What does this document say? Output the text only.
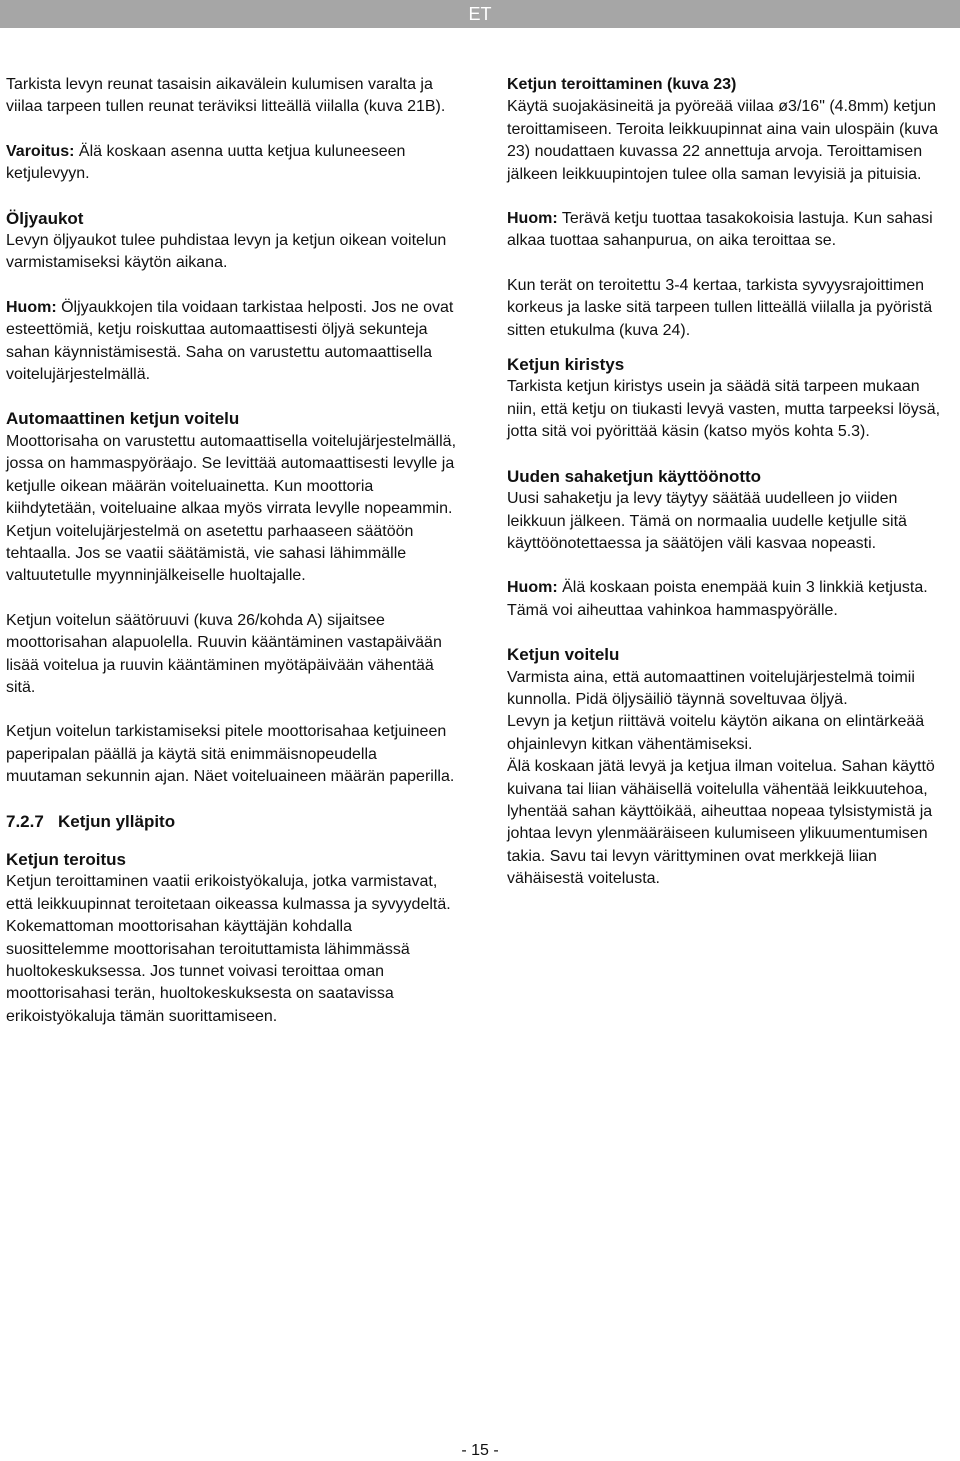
ET

Tarkista levyn reunat tasaisin aikavälein kulumisen varalta ja viilaa tarpeen tullen reunat teräviksi litteällä viilalla (kuva 21B).

Varoitus: Älä koskaan asenna uutta ketjua kuluneeseen ketjulevyyn.

Öljyaukot

Levyn öljyaukot tulee puhdistaa levyn ja ketjun oikean voitelun varmistamiseksi käytön aikana.

Huom: Öljyaukkojen tila voidaan tarkistaa helposti. Jos ne ovat esteettömiä, ketju roiskuttaa automaattisesti öljyä sekunteja sahan käynnistämisestä. Saha on varustettu automaattisella voitelujärjestelmällä.

Automaattinen ketjun voitelu

Moottorisaha on varustettu automaattisella voitelujärjestelmällä, jossa on hammaspyöräajo. Se levittää automaattisesti levylle ja ketjulle oikean määrän voiteluainetta. Kun moottoria kiihdytetään, voiteluaine alkaa myös virrata levylle nopeammin. Ketjun voitelujärjestelmä on asetettu parhaaseen säätöön tehtaalla. Jos se vaatii säätämistä, vie sahasi lähimmälle valtuutetulle myynninjälkeiselle huoltajalle.

Ketjun voitelun säätöruuvi (kuva 26/kohda A) sijaitsee moottorisahan alapuolella. Ruuvin kääntäminen vastapäivään lisää voitelua ja ruuvin kääntäminen myötäpäivään vähentää sitä.

Ketjun voitelun tarkistamiseksi pitele moottorisahaa ketjuineen paperipalan päällä ja käytä sitä enimmäisnopeudella muutaman sekunnin ajan. Näet voiteluaineen määrän paperilla.

7.2.7 Ketjun ylläpito
Ketjun teroitus

Ketjun teroittaminen vaatii erikoistyökaluja, jotka varmistavat, että leikkuupinnat teroitetaan oikeassa kulmassa ja syvyydeltä. Kokemattoman moottorisahan käyttäjän kohdalla suosittelemme moottorisahan teroituttamista lähimmässä huoltokeskuksessa. Jos tunnet voivasi teroittaa oman moottorisahasi terän, huoltokeskuksesta on saatavissa erikoistyökaluja tämän suorittamiseen.

Ketjun teroittaminen (kuva 23)

Käytä suojakäsineitä ja pyöreää viilaa ø3/16" (4.8mm) ketjun teroittamiseen. Teroita leikkuupinnat aina vain ulospäin (kuva 23) noudattaen kuvassa 22 annettuja arvoja. Teroittamisen jälkeen leikkuupintojen tulee olla saman levyisiä ja pituisia.

Huom: Terävä ketju tuottaa tasakokoisia lastuja. Kun sahasi alkaa tuottaa sahanpurua, on aika teroittaa se.

Kun terät on teroitettu 3-4 kertaa, tarkista syvyysrajoittimen korkeus ja laske sitä tarpeen tullen litteällä viilalla ja pyöristä sitten etukulma (kuva 24).

Ketjun kiristys

Tarkista ketjun kiristys usein ja säädä sitä tarpeen mukaan niin, että ketju on tiukasti levyä vasten, mutta tarpeeksi löysä, jotta sitä voi pyörittää käsin (katso myös kohta 5.3).

Uuden sahaketjun käyttöönotto

Uusi sahaketju ja levy täytyy säätää uudelleen jo viiden leikkuun jälkeen. Tämä on normaalia uudelle ketjulle sitä käyttöönotettaessa ja säätöjen väli kasvaa nopeasti.

Huom: Älä koskaan poista enempää kuin 3 linkkiä ketjusta. Tämä voi aiheuttaa vahinkoa hammaspyörälle.

Ketjun voitelu

Varmista aina, että automaattinen voitelujärjestelmä toimii kunnolla. Pidä öljysäiliö täynnä soveltuvaa öljyä.

Levyn ja ketjun riittävä voitelu käytön aikana on elintärkeää ohjainlevyn kitkan vähentämiseksi.

Älä koskaan jätä levyä ja ketjua ilman voitelua. Sahan käyttö kuivana tai liian vähäisellä voitelulla vähentää leikkuutehoa, lyhentää sahan käyttöikää, aiheuttaa nopeaa tylsistymistä ja johtaa levyn ylenmääräiseen kulumiseen ylikuumentumisen takia. Savu tai levyn värittyminen ovat merkkejä liian vähäisestä voitelusta.

- 15 -
